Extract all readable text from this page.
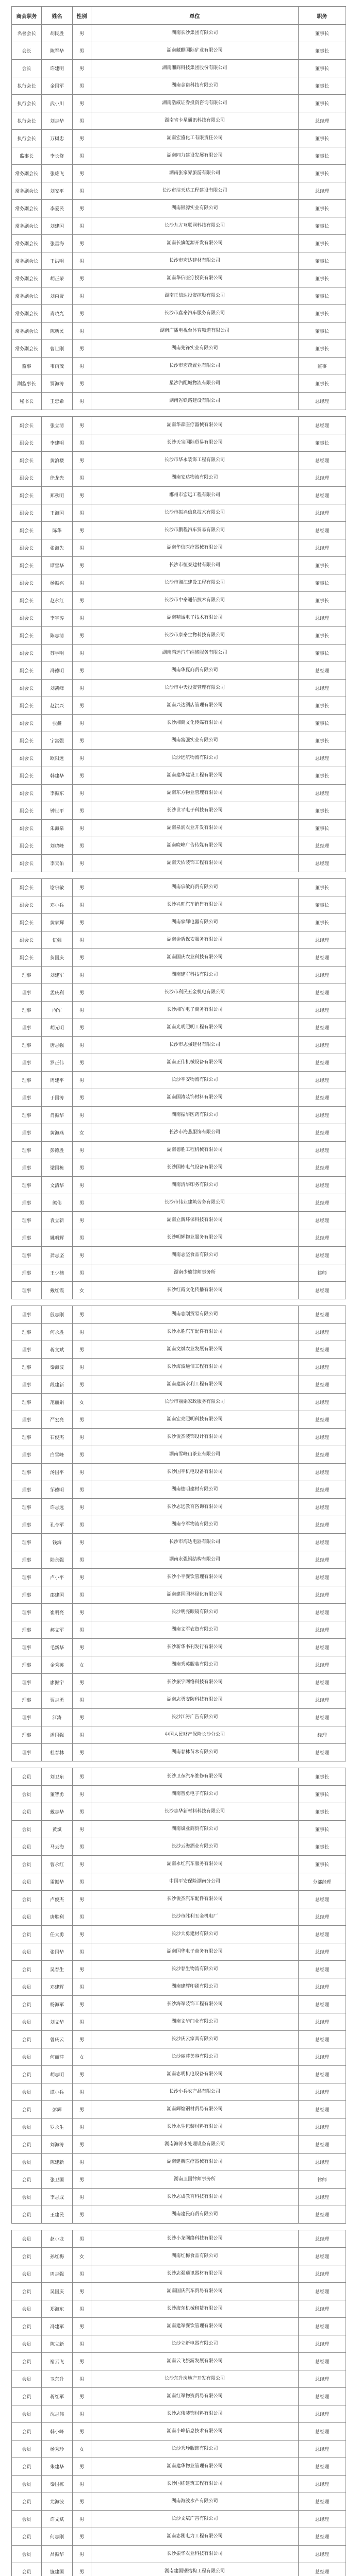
商会职务	姓名	性别	单位	职务
名誉会长	胡民胜	男	湖南长沙集团有限公司	董事长
会长	陈军华	男	湖南藏麒国际矿业有限公司	董事长
会长	许建明	男	湖南湘商科技集团股份有限公司	董事长
执行会长	金国军	男	湖南金诺科技有限公司	董事长
执行会长	武小川	男	湖南浩威证券投资咨询有限公司	董事长
执行会长	刘志华	男	湖南省卡星通讯科技有限公司	总经理
执行会长	万树忠	男	湖南宏盛化工有限责任公司	董事长
监事长	李长修	男	湖南同力建设发展有限公司	董事长
常务副会长	张雄飞	男	湖南张家界旅游有限公司	董事长
常务副会长	刘安平	男	长沙市洁天达工程建设有限公司	总经理
常务副会长	李爱民	男	湖南银源实业有限公司	董事长
常务副会长	刘建国	男	长沙九方互联网科技有限公司	董事长
常务副会长	张星海	男	湖南长旗能源开发有限公司	董事长
常务副会长	王洪明	男	长沙市宏达建材有限公司	董事长
常务副会长	胡正荣	男	湖南华信医疗投资有限公司	董事长
常务副会长	刘丙贤	男	湖南正信达投资控股有限公司	董事长
常务副会长	肖晓光	男	长沙市鑫泰汽车服务有限公司	董事长
常务副会长	陈新民	男	湖南广播电视台体育频道有限公司	董事长
常务副会长	曹世刚	男	湖南先锋实业有限公司	董事长
监事	韦雨茂	男	长沙市宏茂置业有限公司	监事
副监事长	贾海涛	男	星沙汽配城物流有限公司	董事长
秘书长	王忠希	男	湖南省铁路建设有限公司	总经理

副会长	张立清	男	湖南华森医疗器械有限公司	总经理
副会长	李建明	男	长沙天宝国际贸易有限公司	董事长
副会长	黄泊楼	男	长沙市华永装饰工程有限公司	总经理
副会长	徐龙光	男	湖南安达物流有限公司	总经理
副会长	郑秋明	男	郴州市宏远工程有限公司	总经理
副会长	王海国	男	长沙市振兴信息技术有限公司	总经理
副会长	陈华	男	长沙市鹏程汽车贸易有限公司	总经理
副会长	张海先	男	湖南华信医疗器械有限公司	总经理
副会长	谭雪华	男	长沙市恒泰建材有限公司	董事长
副会长	杨振兴	男	长沙市湘江建设工程有限公司	董事长
副会长	赵永红	男	长沙市中泰通信技术有限公司	董事长
副会长	李宇涛	男	湖南精诚电子技术有限公司	总经理
副会长	陈志清	男	长沙市康泰生物科技有限公司	董事长
副会长	苏学明	男	湖南鸿运汽车维修服务有限公司	董事长
副会长	冯德明	男	湖南华夏商贸有限公司	总经理
副会长	刘凯峰	男	长沙市中天投资管理有限公司	总经理
副会长	赵洪兴	男	湖南兴达酒店管理有限公司	董事长
副会长	张鑫	男	长沙湘商文化传媒有限公司	董事长
副会长	宁富强	男	湖南富强实业有限公司	董事长
副会长	欧阳远	男	长沙远航物流有限公司	总经理
副会长	韩建华	男	湖南建华建设工程有限公司	董事长
副会长	李振东	男	湖南东方物业管理有限公司	总经理
副会长	钟世平	男	长沙世平电子科技有限公司	董事长
副会长	朱海泉	男	湖南泉润农业开发有限公司	董事长
副会长	刘晓峰	男	湖南晓峰广告传媒有限公司	总经理
副会长	李天佑	男	湖南天佑装饰工程有限公司	总经理

副会长	谢宗敏	男	湖南宗敏商贸有限公司	董事长
副会长	邓小兵	男	长沙兴旺汽车销售有限公司	董事长
副会长	黄家辉	男	湖南家辉电器有限公司	董事长
副会长	伍强	男	湖南金盾保安服务有限公司	总经理
副会长	贺国庆	男	湖南国庆农业科技有限公司	总经理
理事	刘建军	男	湖南建军科技有限公司	总经理
理事	孟庆利	男	长沙市利民五金机电有限公司	总经理
理事	向军	男	长沙湘军电子商务有限公司	总经理
理事	胡光明	男	湖南光明照明工程有限公司	总经理
理事	唐志强	男	长沙市志强建材有限公司	总经理
理事	罗正伟	男	湖南正伟机械设备有限公司	总经理
理事	周建平	男	长沙平安物流有限公司	总经理
理事	于国涛	男	湖南国涛装饰材料有限公司	总经理
理事	肖振华	男	湖南振华医药有限公司	总经理
理事	黄海燕	女	长沙市海燕服饰有限公司	总经理
理事	彭德胜	男	湖南德胜工程机械有限公司	总经理
理事	梁国栋	男	长沙国栋电气设备有限公司	总经理
理事	文清华	男	湖南清华印务有限公司	总经理
理事	熊伟	男	长沙市伟业建筑劳务有限公司	总经理
理事	袁立新	男	湖南立新环保科技有限公司	总经理
理事	姚明辉	男	长沙明辉物业服务有限公司	总经理
理事	龚志坚	男	湖南志坚食品有限公司	总经理
理事	王少楠	男	湖南少楠律师事务所	律师
理事	戴红霞	女	长沙红霞文化传播有限公司	总经理

理事	殷志刚	男	湖南志刚贸易有限公司	总经理
理事	何永胜	男	长沙永胜汽车配件有限公司	总经理
理事	蒋文斌	男	湖南文斌农业发展有限公司	总经理
理事	秦海波	男	长沙海波通信工程有限公司	总经理
理事	段建新	男	湖南建新水利工程有限公司	总经理
理事	范丽娟	女	长沙市丽娟家政服务有限公司	总经理
理事	严宏亮	男	湖南宏亮照明科技有限公司	总经理
理事	石俊杰	男	长沙俊杰装饰设计有限公司	总经理
理事	白雪峰	男	湖南雪峰山茶业有限公司	总经理
理事	汤国平	男	长沙国平机电设备有限公司	总经理
理事	邹德明	男	湖南德明建材有限公司	总经理
理事	许志远	男	长沙志远教育咨询有限公司	总经理
理事	孔令军	男	湖南令军物流有限公司	总经理
理事	钱海	男	长沙市海达电器有限公司	总经理
理事	陆永强	男	湖南永强钢结构有限公司	总经理
理事	卢小平	男	长沙小平餐饮管理有限公司	总经理
理事	邵建国	男	湖南建国园林绿化有限公司	总经理
理事	崔明亮	男	长沙明亮眼镜有限公司	总经理
理事	郝文军	男	湖南文军农资有限公司	总经理
理事	毛新华	男	长沙新华书刊发行有限公司	总经理
理事	金秀英	女	湖南秀英服装有限公司	总经理
理事	廖振宇	男	长沙振宇网络科技有限公司	总经理
理事	贾志勇	男	湖南志勇安防科技有限公司	总经理
理事	江涛	男	长沙江涛广告有限公司	总经理
理事	潘国强	男	中国人民财产保险长沙分公司	经理
理事	杜春林	男	湖南春林苗木有限公司	总经理

会员	刘卫东	男	长沙卫东汽车维修有限公司	董事长
会员	董智勇	男	湖南智勇电子有限公司	董事长
会员	戴志华	男	长沙志华新材料科技有限公司	董事长
会员	黄斌	男	湖南斌业商贸有限公司	董事长
会员	马云海	男	长沙云海酒业有限公司	董事长
会员	曹永红	男	湖南永红汽车服务有限公司	董事长
会员	雷振华	男	中国平安保险湖南分公司	分部经理
会员	卢俊杰	男	长沙俊杰汽车配件有限公司	总经理
会员	唐胜利	男	长沙市胜利五金机电厂	总经理
会员	任大勇	男	长沙大勇建材有限公司	总经理
会员	张国华	男	湖南国华电子商务有限公司	总经理
会员	吴春生	男	长沙春生物流有限公司	总经理
会员	邓建辉	男	湖南建辉印刷有限公司	总经理
会员	杨海军	男	长沙海军装饰工程有限公司	总经理
会员	刘文华	男	湖南文华门业有限公司	总经理
会员	曾庆云	男	长沙庆云家具有限公司	总经理
会员	何丽萍	女	长沙丽萍美容有限公司	总经理
会员	胡志明	男	湖南志明机电设备有限公司	总经理
会员	谭小兵	男	长沙小兵农产品有限公司	总经理
会员	彭辉	男	湖南辉煌钢材贸易有限公司	总经理
会员	罗永生	男	长沙永生包装材料有限公司	总经理
会员	刘海涛	男	湖南海涛水处理设备有限公司	总经理
会员	陈建新	男	湖南建新医疗器械有限公司	总经理
会员	张卫国	男	湖南卫国律师事务所	律师
会员	李志成	男	长沙志成教育科技有限公司	总经理
会员	王建民	男	湖南建民商贸有限公司	总经理

会员	赵小龙	男	长沙小龙网络科技有限公司	总经理
会员	孙红梅	女	湖南红梅食品有限公司	总经理
会员	周志强	男	长沙志强通讯器材有限公司	总经理
会员	吴国庆	男	湖南国庆汽车贸易有限公司	总经理
会员	郑海东	男	长沙海东机械租赁有限公司	总经理
会员	冯建军	男	湖南建军餐饮管理有限公司	总经理
会员	陈立新	男	长沙立新电器有限公司	总经理
会员	褚云飞	男	湖南云飞旅游发展有限公司	总经理
会员	卫东升	男	长沙东升房地产开发有限公司	总经理
会员	蒋红军	男	湖南红军物资贸易有限公司	总经理
会员	沈志伟	男	长沙志伟装饰材料有限公司	总经理
会员	韩小峰	男	湖南小峰信息技术有限公司	总经理
会员	杨秀珍	女	长沙秀珍服饰有限公司	总经理
会员	朱建华	男	湖南建华物业管理有限公司	总经理
会员	秦国栋	男	长沙国栋建筑工程有限公司	总经理
会员	尤海波	男	湖南海波水产有限公司	总经理
会员	许文斌	男	长沙文斌广告有限公司	总经理
会员	何志刚	男	湖南志刚电力工程有限公司	总经理
会员	吕振华	男	长沙振华农业科技有限公司	总经理
会员	施建国	男	湖南建国钢结构工程有限公司	总经理
